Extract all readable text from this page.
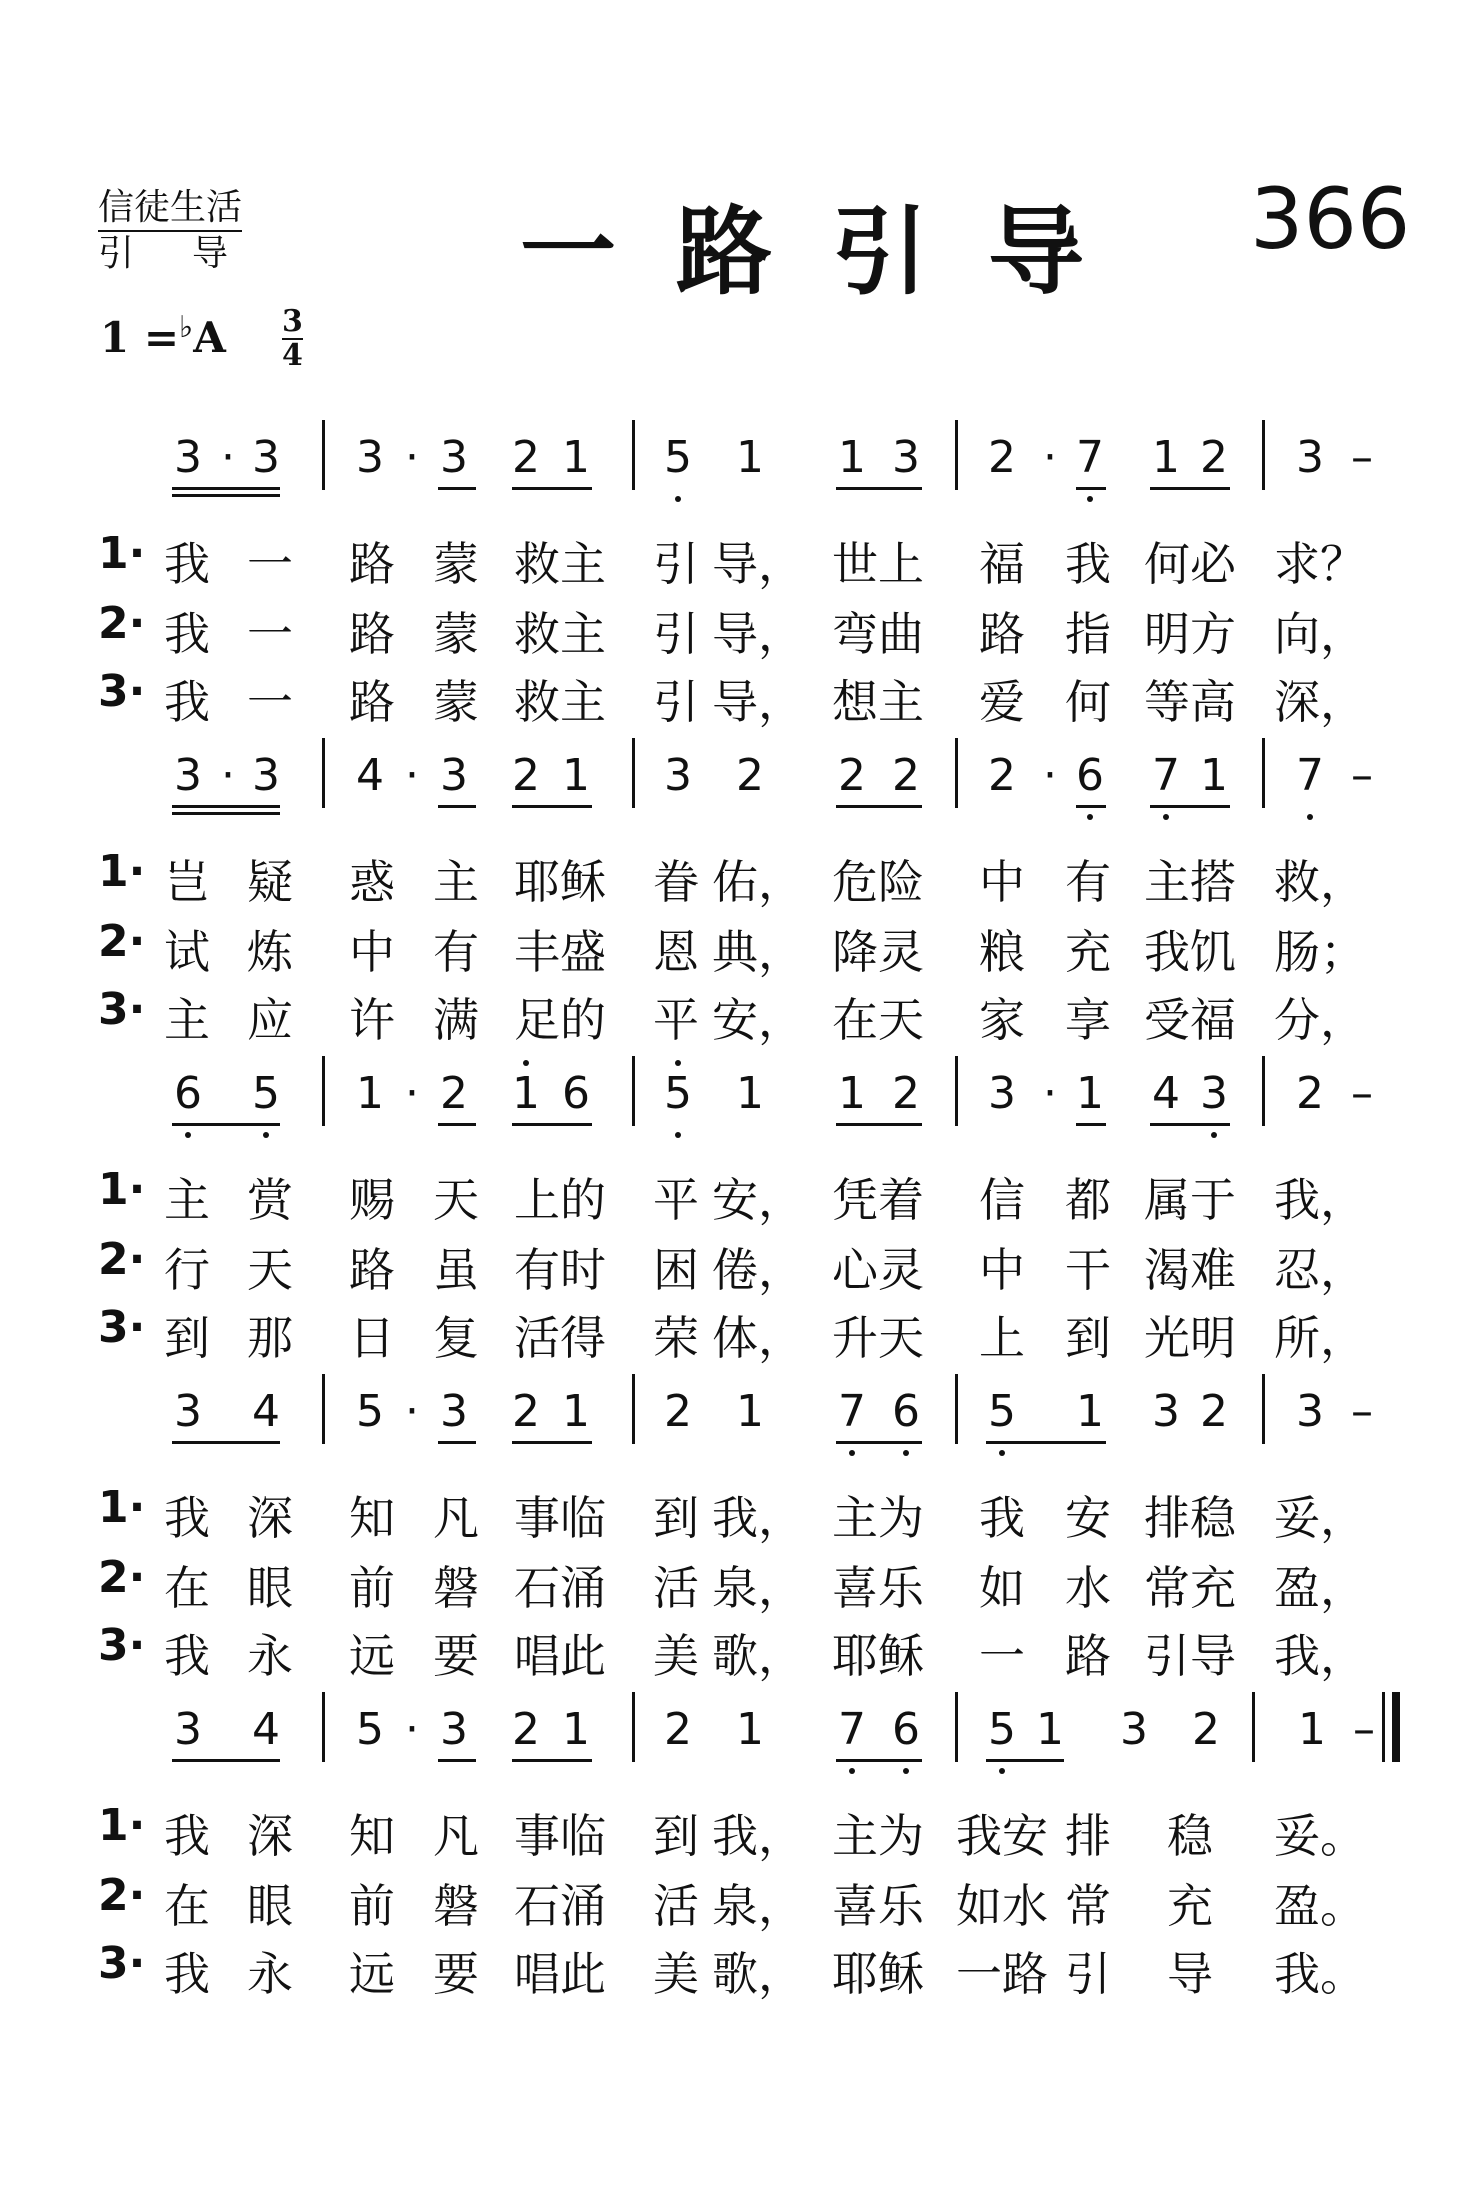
信徒生活
引导 一路引导 366
1 =♭A 3
4
3 · 3 3 · 3 2 1 5 1 1 3 2 · 7 1 2 3 –
1· 我 一 路 蒙 救主 引 导， 世上 福 我 何必 求？
2· 我 一 路 蒙 救主 引 导， 弯曲 路 指 明方 向，
3· 我 一 路 蒙 救主 引 导， 想主 爱 何 等高 深，
3 · 3 4 · 3 2 1 3 2 2 2 2 · 6 7 1 7 –
1· 岂 疑 惑 主 耶稣 眷 佑， 危险 中 有 主搭 救，
2· 试 炼 中 有 丰盛 恩 典， 降灵 粮 充 我饥 肠；
3· 主 应 许 满 足的 平 安， 在天 家 享 受福 分，
6 5 1 · 2 1 6 5 1 1 2 3 · 1 4 3 2 –
1· 主 赏 赐 天 上的 平 安， 凭着 信 都 属于 我，
2· 行 天 路 虽 有时 困 倦， 心灵 中 干 渴难 忍，
3· 到 那 日 复 活得 荣 体， 升天 上 到 光明 所，
3 4 5 · 3 2 1 2 1 7 6 5 1 3 2 3 –
1· 我 深 知 凡 事临 到 我， 主为 我 安 排稳 妥，
2· 在 眼 前 磐 石涌 活 泉， 喜乐 如 水 常充 盈，
3· 我 永 远 要 唱此 美 歌， 耶稣 一 路 引导 我，
3 4 5 · 3 2 1 2 1 7 6 5 1 3 2 1 –
1· 我 深 知 凡 事临 到 我， 主为 我安 排 稳 妥。
2· 在 眼 前 磐 石涌 活 泉， 喜乐 如水 常 充 盈。
3· 我 永 远 要 唱此 美 歌， 耶稣 一路 引 导 我。
